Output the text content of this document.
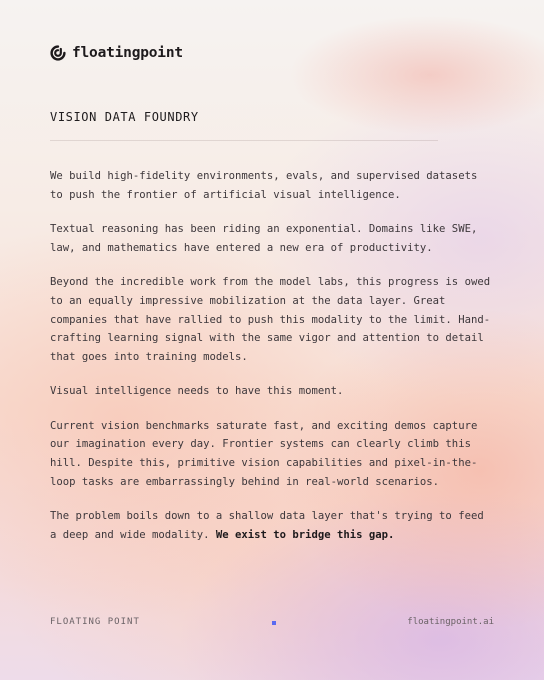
floatingpoint
VISION DATA FOUNDRY

We build high-fidelity environments, evals, and supervised datasets to push the frontier of artificial visual intelligence.

Textual reasoning has been riding an exponential. Domains like SWE, law, and mathematics have entered a new era of productivity.

Beyond the incredible work from the model labs, this progress is owed to an equally impressive mobilization at the data layer. Great companies that have rallied to push this modality to the limit. Hand-crafting learning signal with the same vigor and attention to detail that goes into training models.

Visual intelligence needs to have this moment.

Current vision benchmarks saturate fast, and exciting demos capture our imagination every day. Frontier systems can clearly climb this hill. Despite this, primitive vision capabilities and pixel-in-the-loop tasks are embarrassingly behind in real-world scenarios.

The problem boils down to a shallow data layer that's trying to feed a deep and wide modality. We exist to bridge this gap.

FLOATING POINT	floatingpoint.ai
